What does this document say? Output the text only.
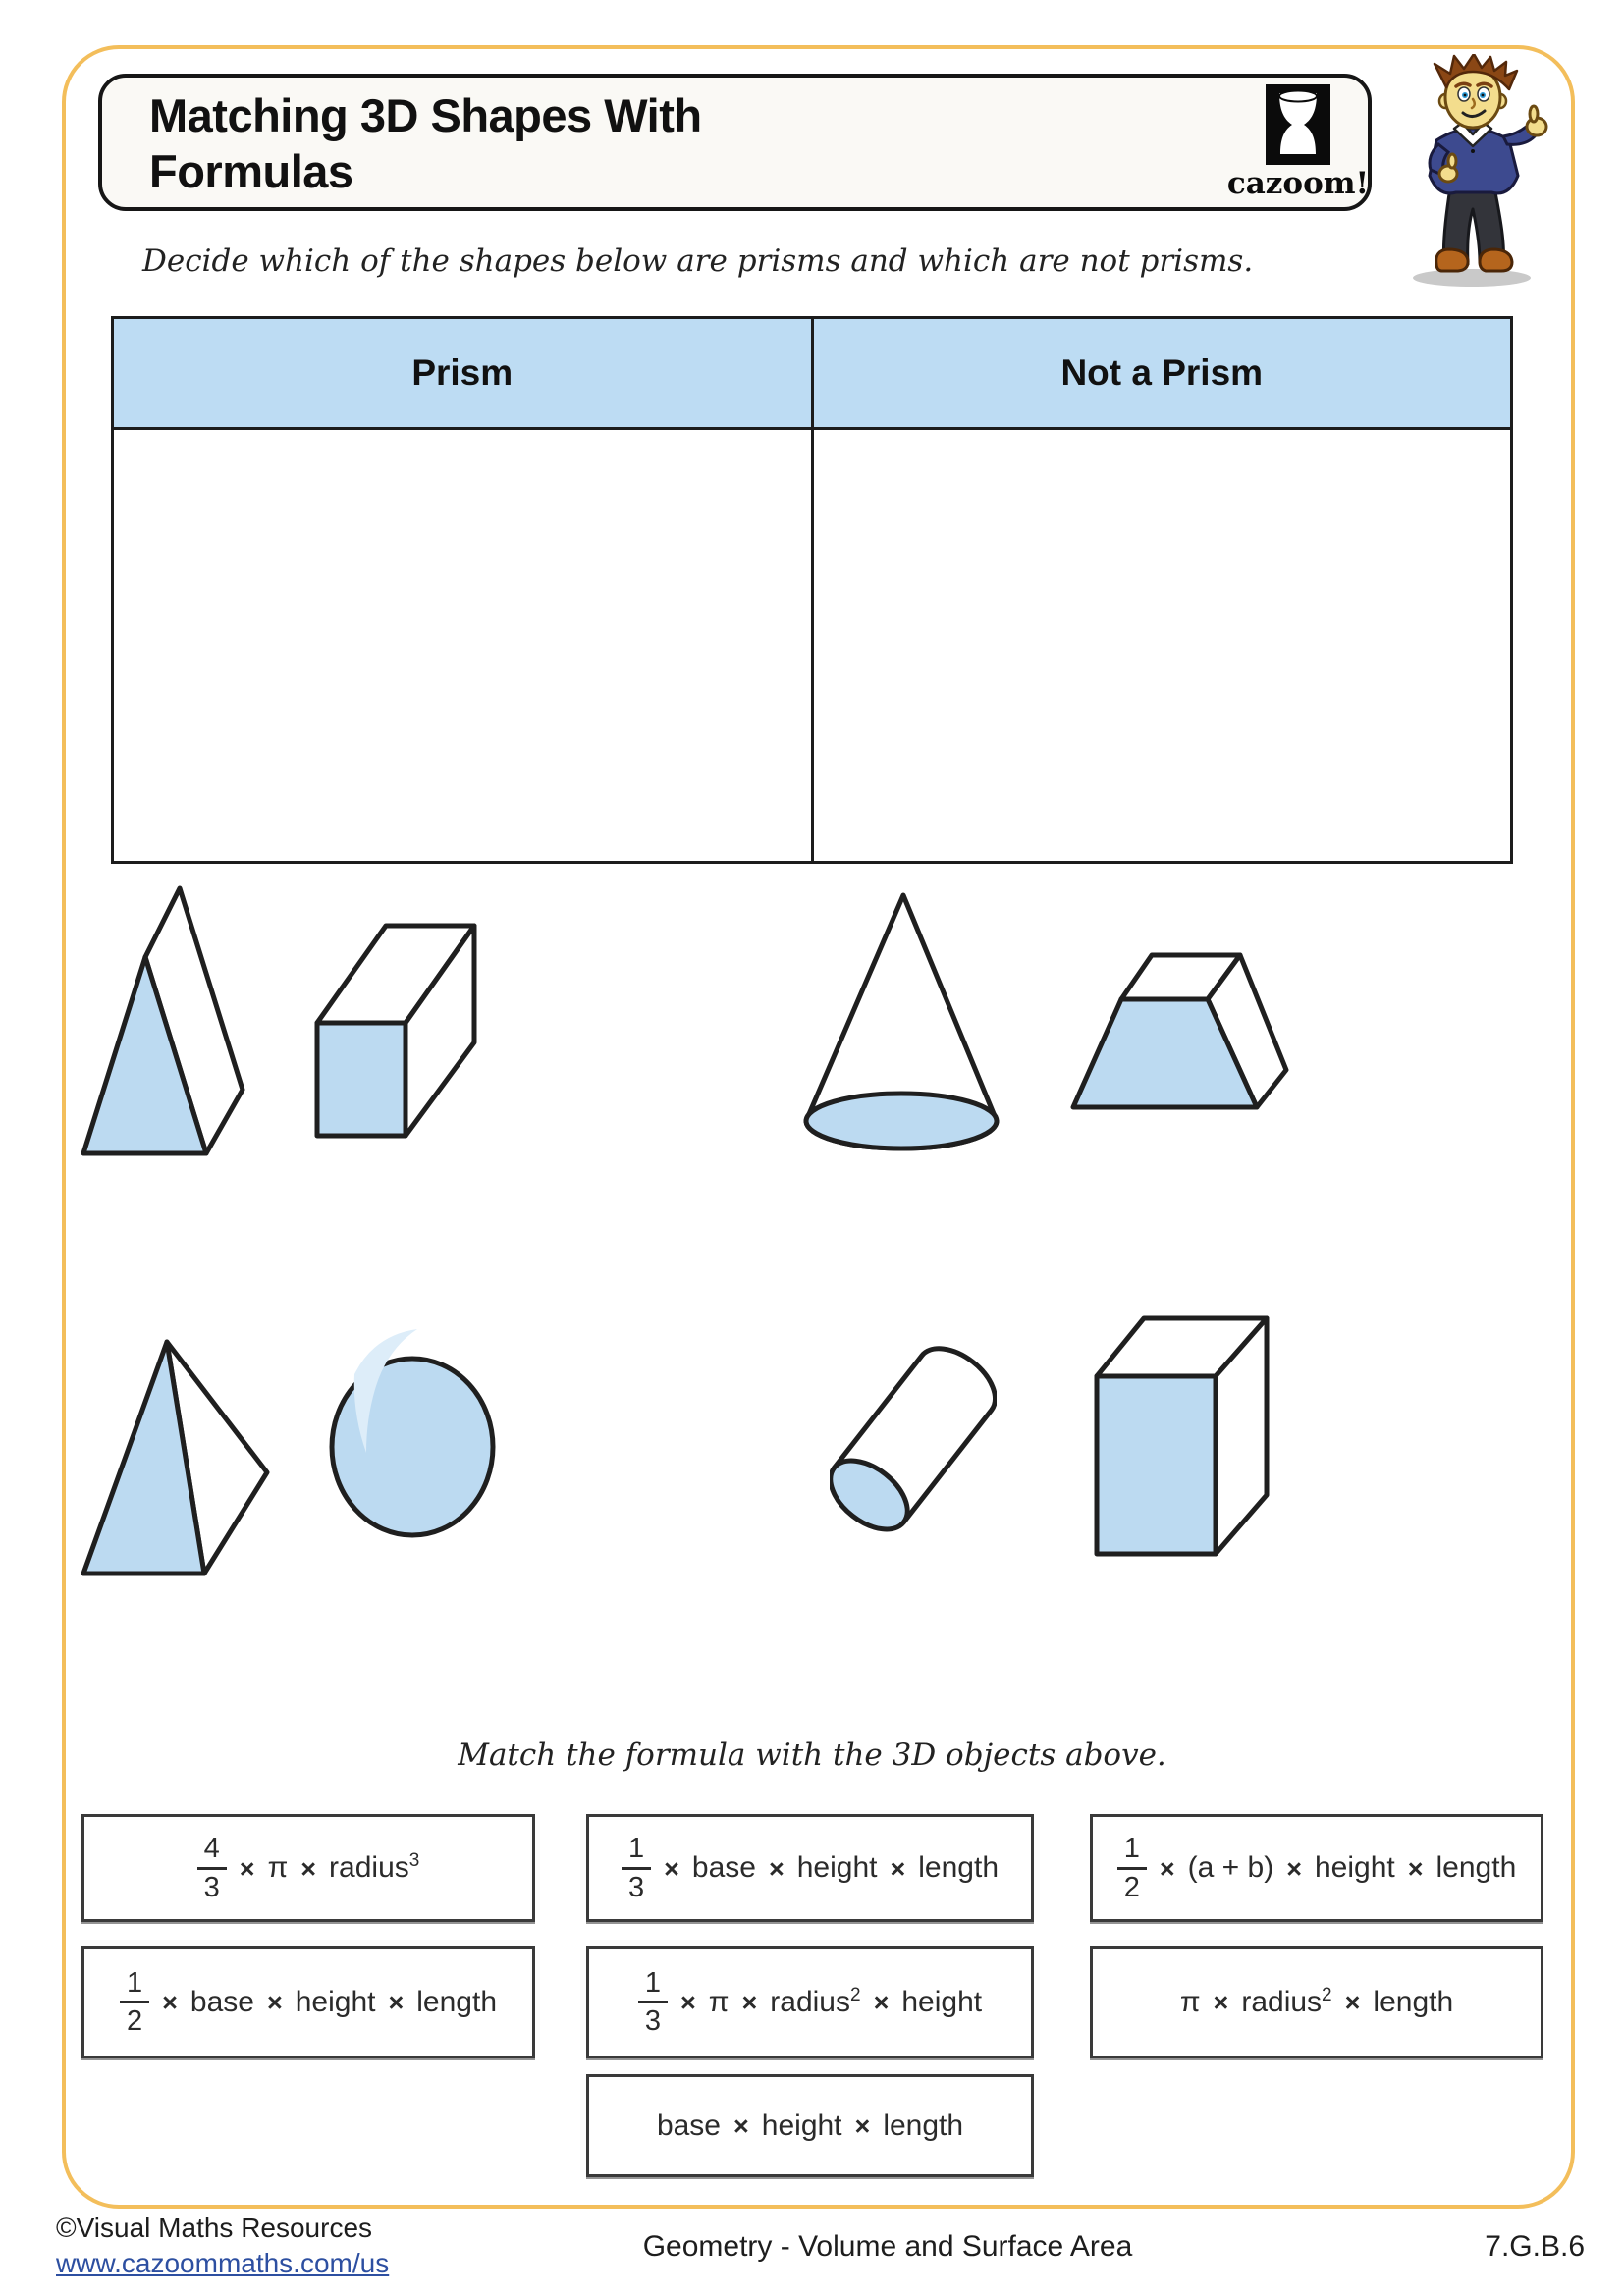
Matching 3D Shapes With
Formulas	cazoom!
Decide which of the shapes below are prisms and which are not prisms.
Prism	Not a Prism
Match the formula with the 3D objects above.
$\frac{4}{3} \times \pi$ × radius$^3$	$\frac{1}{3}$ × base × height × length	$\frac{1}{2} \times (a + b)$ × height × length
$\frac{1}{2}$ × base × height × length	$\frac{1}{3} \times \pi$ × radius$^2$ × height	π × radius$^2$ × length
base × height × length
©Visual Maths Resources
www.cazoommaths.com/us
Geometry - Volume and Surface Area	7.G.B.6
